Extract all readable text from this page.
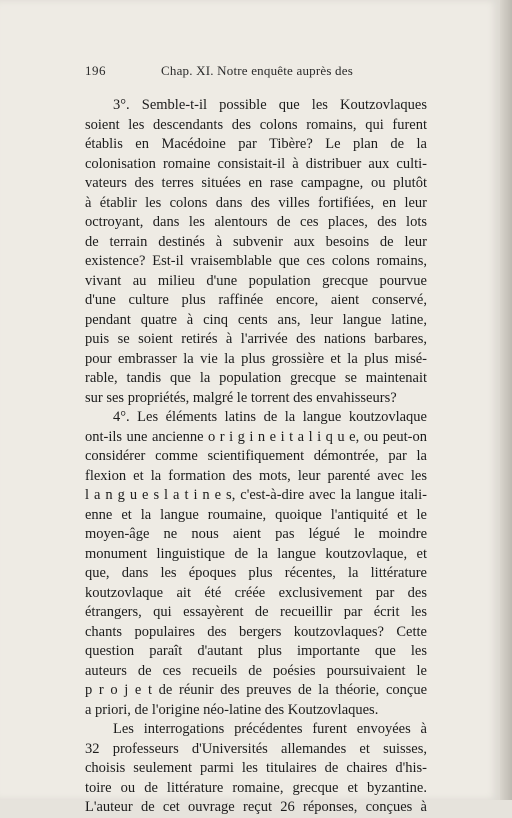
196	Chap. XI. Notre enquête auprès des

3°. Semble-t-il possible que les Koutzovlaques
soient les descendants des colons romains, qui furent
établis en Macédoine par Tibère? Le plan de la
colonisation romaine consistait-il à distribuer aux culti-
vateurs des terres situées en rase campagne, ou plutôt
à établir les colons dans des villes fortifiées, en leur
octroyant, dans les alentours de ces places, des lots
de terrain destinés à subvenir aux besoins de leur
existence? Est-il vraisemblable que ces colons romains,
vivant au milieu d'une population grecque pourvue
d'une culture plus raffinée encore, aient conservé,
pendant quatre à cinq cents ans, leur langue latine,
puis se soient retirés à l'arrivée des nations barbares,
pour embrasser la vie la plus grossière et la plus misé-
rable, tandis que la population grecque se maintenait
sur ses propriétés, malgré le torrent des envahisseurs?

4°. Les éléments latins de la langue koutzovlaque
ont-ils une ancienne o r i g i n e i t a l i q u e, ou peut-on
considérer comme scientifiquement démontrée, par la
flexion et la formation des mots, leur parenté avec les
l a n g u e s l a t i n e s, c'est-à-dire avec la langue itali-
enne et la langue roumaine, quoique l'antiquité et le
moyen-âge ne nous aient pas légué le moindre
monument linguistique de la langue koutzovlaque, et
que, dans les époques plus récentes, la littérature
koutzovlaque ait été créée exclusivement par des
étrangers, qui essayèrent de recueillir par écrit les
chants populaires des bergers koutzovlaques? Cette
question paraît d'autant plus importante que les
auteurs de ces recueils de poésies poursuivaient le
p r o j e t de réunir des preuves de la théorie, conçue
a priori, de l'origine néo-latine des Koutzovlaques.

Les interrogations précédentes furent envoyées à
32 professeurs d'Universités allemandes et suisses,
choisis seulement parmi les titulaires de chaires d'his-
toire ou de littérature romaine, grecque et byzantine.
L'auteur de cet ouvrage reçut 26 réponses, conçues à
